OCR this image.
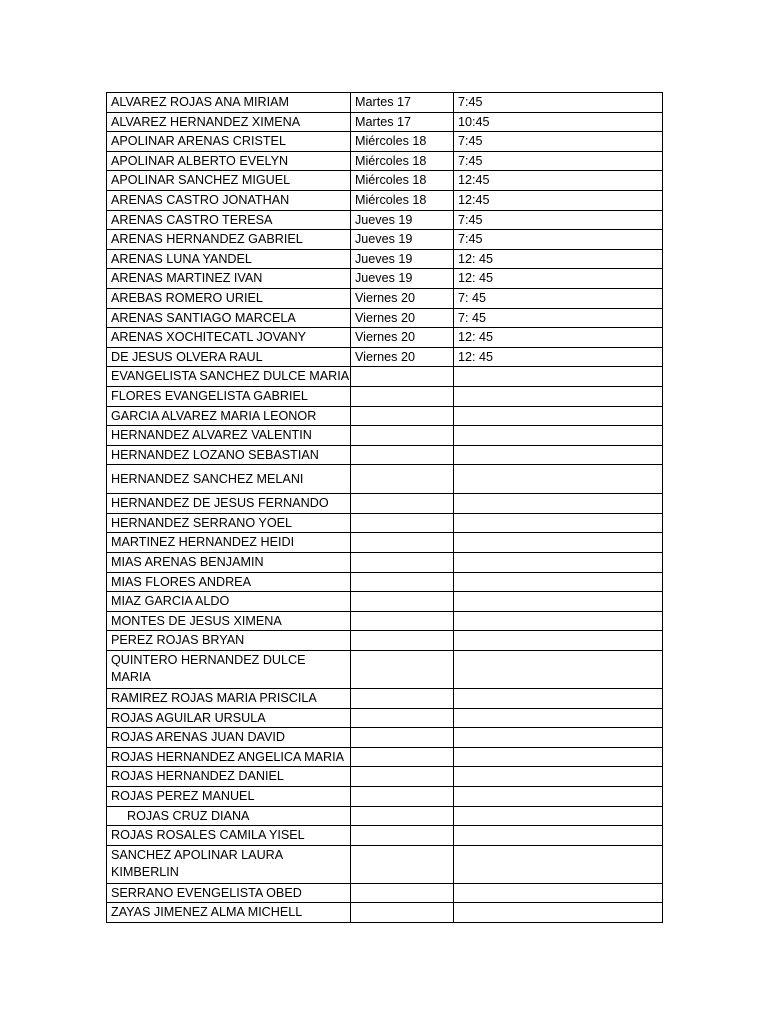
ALVAREZ ROJAS ANA MIRIAM	Martes 17	7:45
ALVAREZ HERNANDEZ XIMENA	Martes 17	10:45
APOLINAR ARENAS CRISTEL	Miércoles 18	7:45
APOLINAR ALBERTO EVELYN	Miércoles 18	7:45
APOLINAR SANCHEZ MIGUEL	Miércoles 18	12:45
ARENAS CASTRO JONATHAN	Miércoles 18	12:45
ARENAS CASTRO TERESA	Jueves 19	7:45
ARENAS HERNANDEZ GABRIEL	Jueves 19	7:45
ARENAS LUNA YANDEL	Jueves 19	12: 45
ARENAS MARTINEZ IVAN	Jueves 19	12: 45
AREBAS ROMERO URIEL	Viernes 20	7: 45
ARENAS SANTIAGO MARCELA	Viernes 20	7: 45
ARENAS XOCHITECATL JOVANY	Viernes 20	12: 45
DE JESUS OLVERA RAUL	Viernes 20	12: 45
EVANGELISTA SANCHEZ DULCE MARIA		
FLORES EVANGELISTA GABRIEL		
GARCIA ALVAREZ MARIA LEONOR		
HERNANDEZ ALVAREZ VALENTIN		
HERNANDEZ LOZANO SEBASTIAN		
HERNANDEZ SANCHEZ MELANI		
HERNANDEZ DE JESUS FERNANDO		
HERNANDEZ SERRANO YOEL		
MARTINEZ HERNANDEZ HEIDI		
MIAS ARENAS BENJAMIN		
MIAS FLORES ANDREA		
MIAZ GARCIA ALDO		
MONTES DE JESUS XIMENA		
PEREZ ROJAS BRYAN		
QUINTERO HERNANDEZ DULCE MARIA		
RAMIREZ ROJAS MARIA PRISCILA		
ROJAS AGUILAR URSULA		
ROJAS ARENAS JUAN DAVID		
ROJAS HERNANDEZ ANGELICA MARIA		
ROJAS HERNANDEZ DANIEL		
ROJAS PEREZ MANUEL		
ROJAS CRUZ DIANA		
ROJAS ROSALES CAMILA YISEL		
SANCHEZ APOLINAR LAURA KIMBERLIN		
SERRANO EVENGELISTA OBED		
ZAYAS JIMENEZ ALMA MICHELL		
